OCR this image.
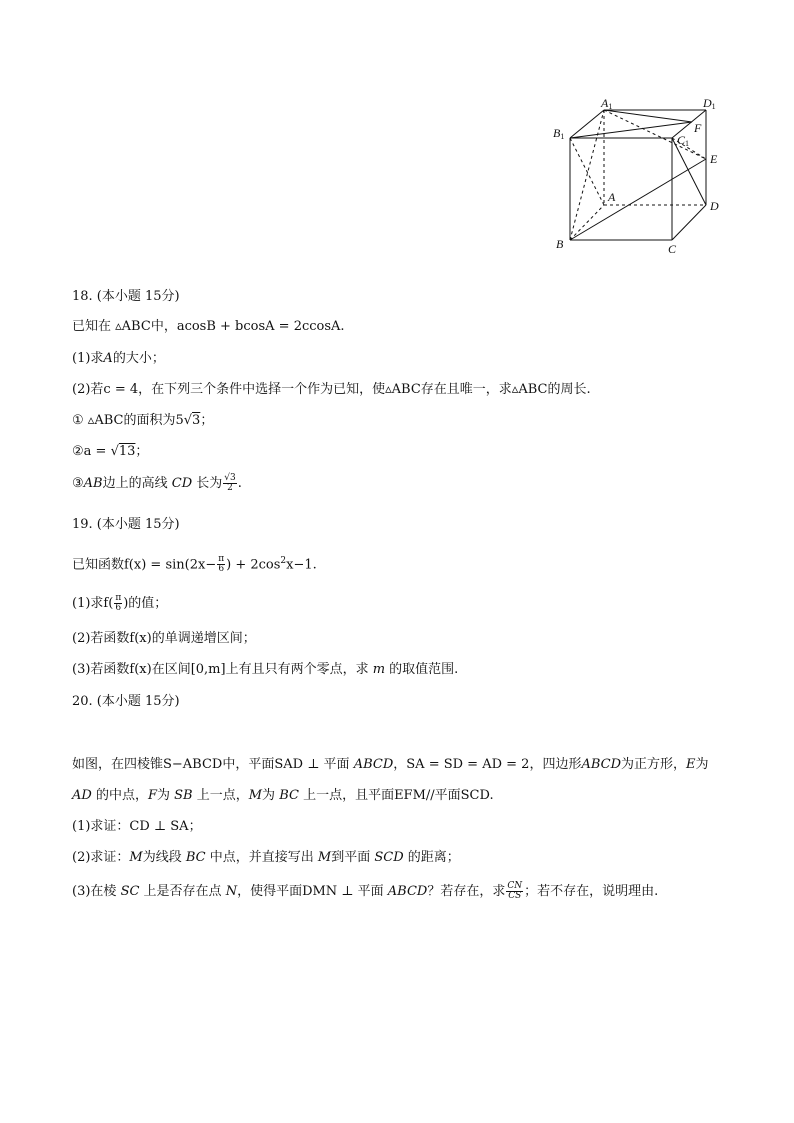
A1	D1
B1	C1
F
E
A
D
B	C
18. (本小题 15分)
已知在 ▵ABC中，acosB + bcosA = 2ccosA.
(1)求A的大小；
(2)若c = 4，在下列三个条件中选择一个作为已知，使▵ABC存在且唯一，求▵ABC的周长.
① ▵ABC的面积为5√3；
②a = √13；
③AB边上的高线 CD 长为 $\frac{√3}{2}$ .
19. (本小题 15分)
已知函数$f(x) = \sin(2x- \frac{\pi}{6}$ ) + $2\cos^2x-1$.
(1)求$f( \frac{\pi}{6}$ )的值；
(2)若函数f(x)的单调递增区间；
(3)若函数f(x)在区间[0,m]上有且只有两个零点，求 m 的取值范围.
20. (本小题 15分)
如图，在四棱锥S−ABCD中，平面SAD ⊥ 平面 ABCD，SA = SD = AD = 2，四边形ABCD为正方形，E为
AD 的中点，F为 SB 上一点，M为 BC 上一点，且平面EFM//平面SCD.
(1)求证：CD ⊥ SA；
(2)求证：M为线段 BC 中点，并直接写出 M到平面 SCD 的距离；
(3)在棱 SC 上是否存在点 N，使得平面DMN ⊥ 平面 ABCD？若存在，求 $\frac{CN}{CS}$ ；若不存在，说明理由.
